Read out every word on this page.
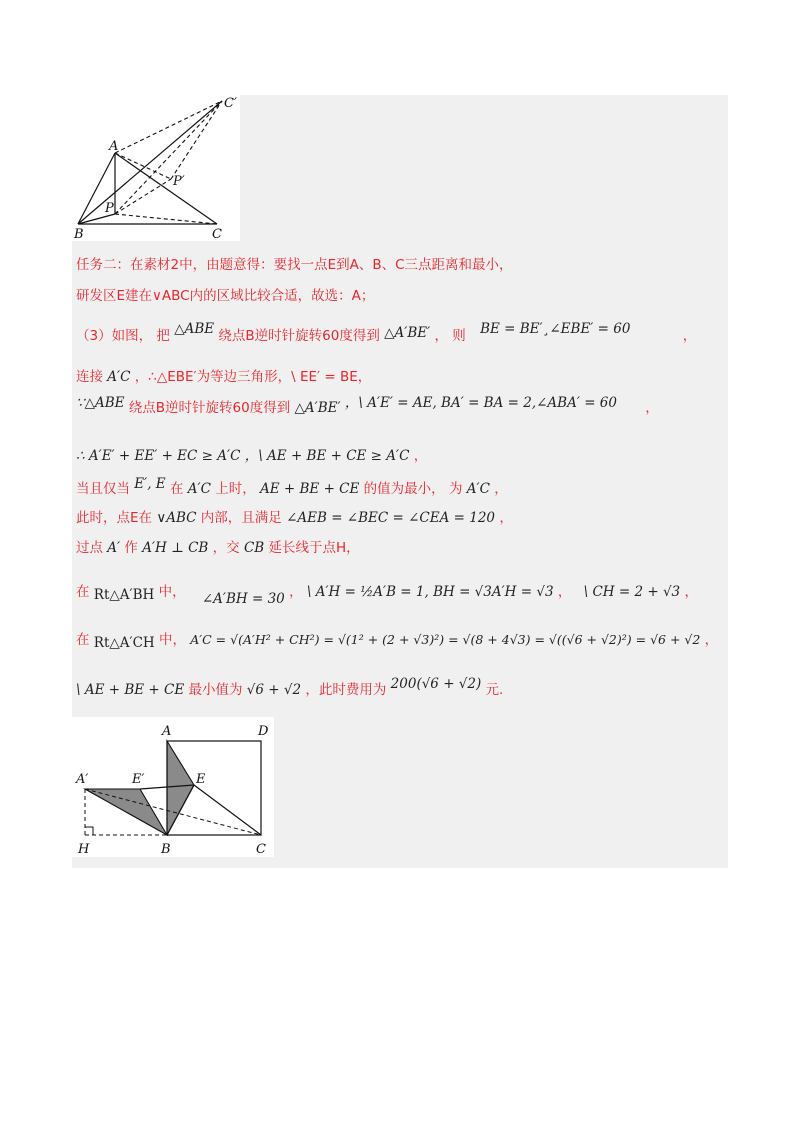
C′
A
P′
P
B	C
任务二：在素材2中，由题意得：要找一点E到A、B、C三点距离和最小，
研发区E建在∨ABC内的区域比较合适，故选：A；
（3）如图， 把 △ABE 绕点B逆时针旋转60度得到 △A′BE′ ， 则 BE = BE′¸∠EBE′ = 60	，
连接 A′C ，∴△EBE′为等边三角形，\ EE′ = BE，
∵△ABE 绕点B逆时针旋转60度得到 △A′BE′ ，\ A′E′ = AE, BA′ = BA = 2,∠ABA′ = 60 ，
∴ A′E′ + EE′ + EC ≥ A′C ，\ AE + BE + CE ≥ A′C ，
当且仅当 E′, E 在 A′C 上时， AE + BE + CE 的值为最小， 为 A′C ，
此时，点E在 ∨ABC 内部，且满足 ∠AEB = ∠BEC = ∠CEA = 120 ，
过点 A′ 作 A′H ⊥ CB ，交 CB 延长线于点H，
在 Rt△A′BH 中， ∠A′BH = 30 ， \ A′H = ½A′B = 1, BH = √3A′H = √3 ， \ CH = 2 + √3 ，
在 Rt△A′CH 中， A′C = √(A′H² + CH²) = √(1² + (2 + √3)²) = √(8 + 4√3) = √((√6 + √2)²) = √6 + √2 ，
\ AE + BE + CE 最小值为 √6 + √2 ，此时费用为 200(√6 + √2) 元.
A	D
A′	E′	E
H	B	C
